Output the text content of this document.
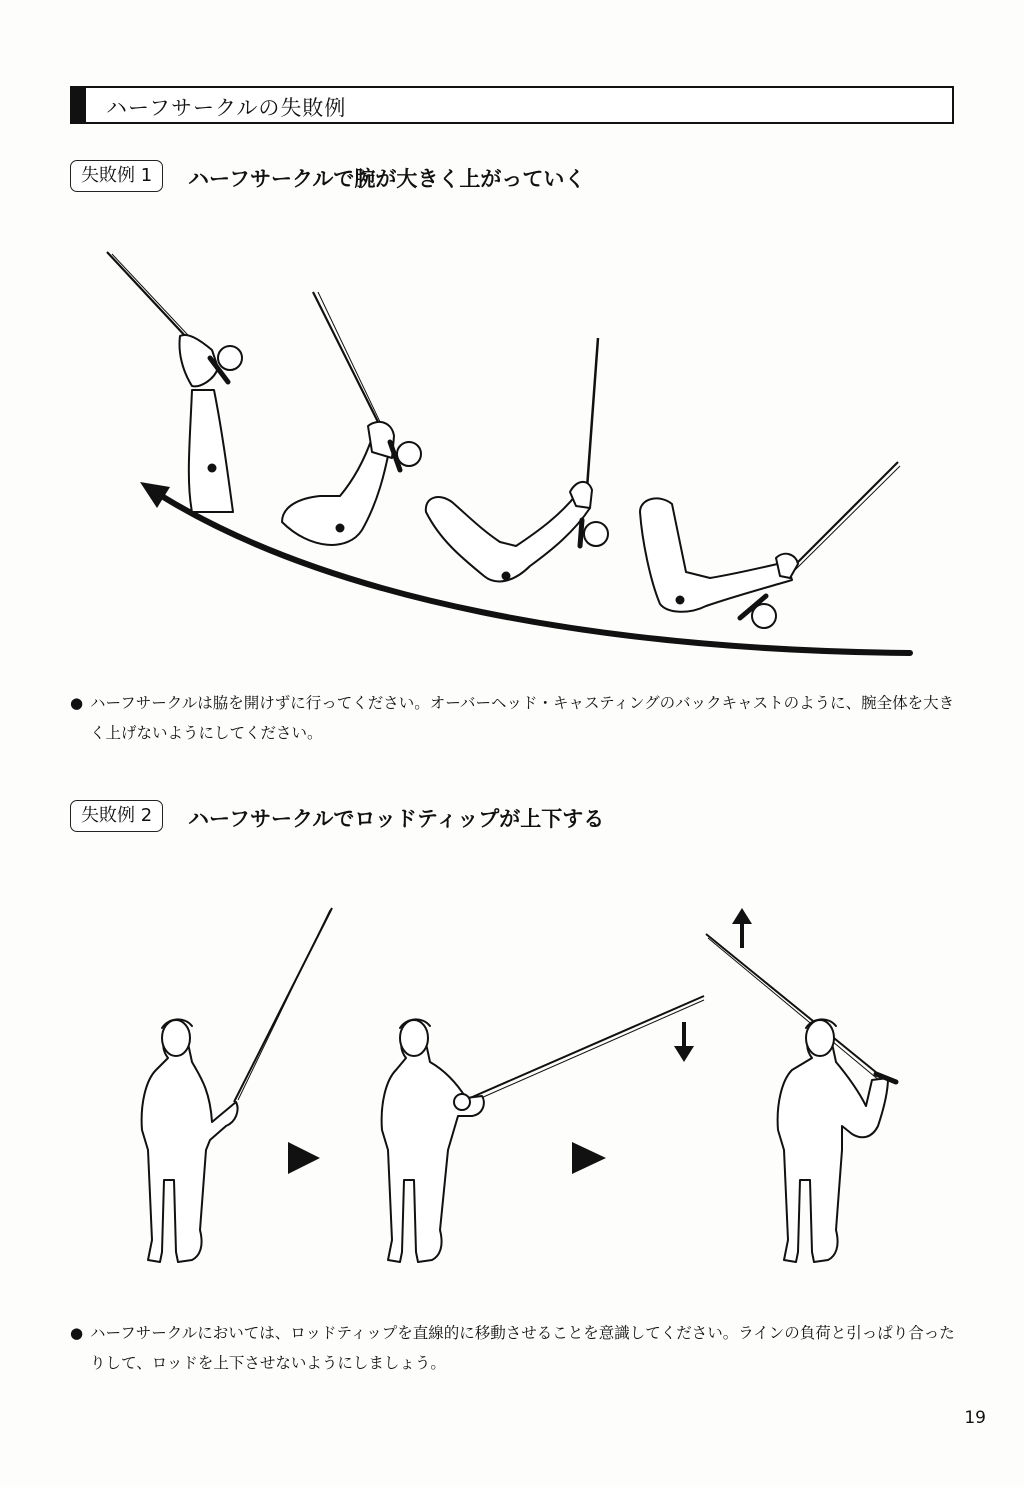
ハーフサークルの失敗例
失敗例 1	ハーフサークルで腕が大きく上がっていく
● ハーフサークルは脇を開けずに行ってください。オーバーヘッド・キャスティングのバックキャストのように、腕全体を大きく上げないようにしてください。
失敗例 2	ハーフサークルでロッドティップが上下する
● ハーフサークルにおいては、ロッドティップを直線的に移動させることを意識してください。ラインの負荷と引っぱり合ったりして、ロッドを上下させないようにしましょう。
19
